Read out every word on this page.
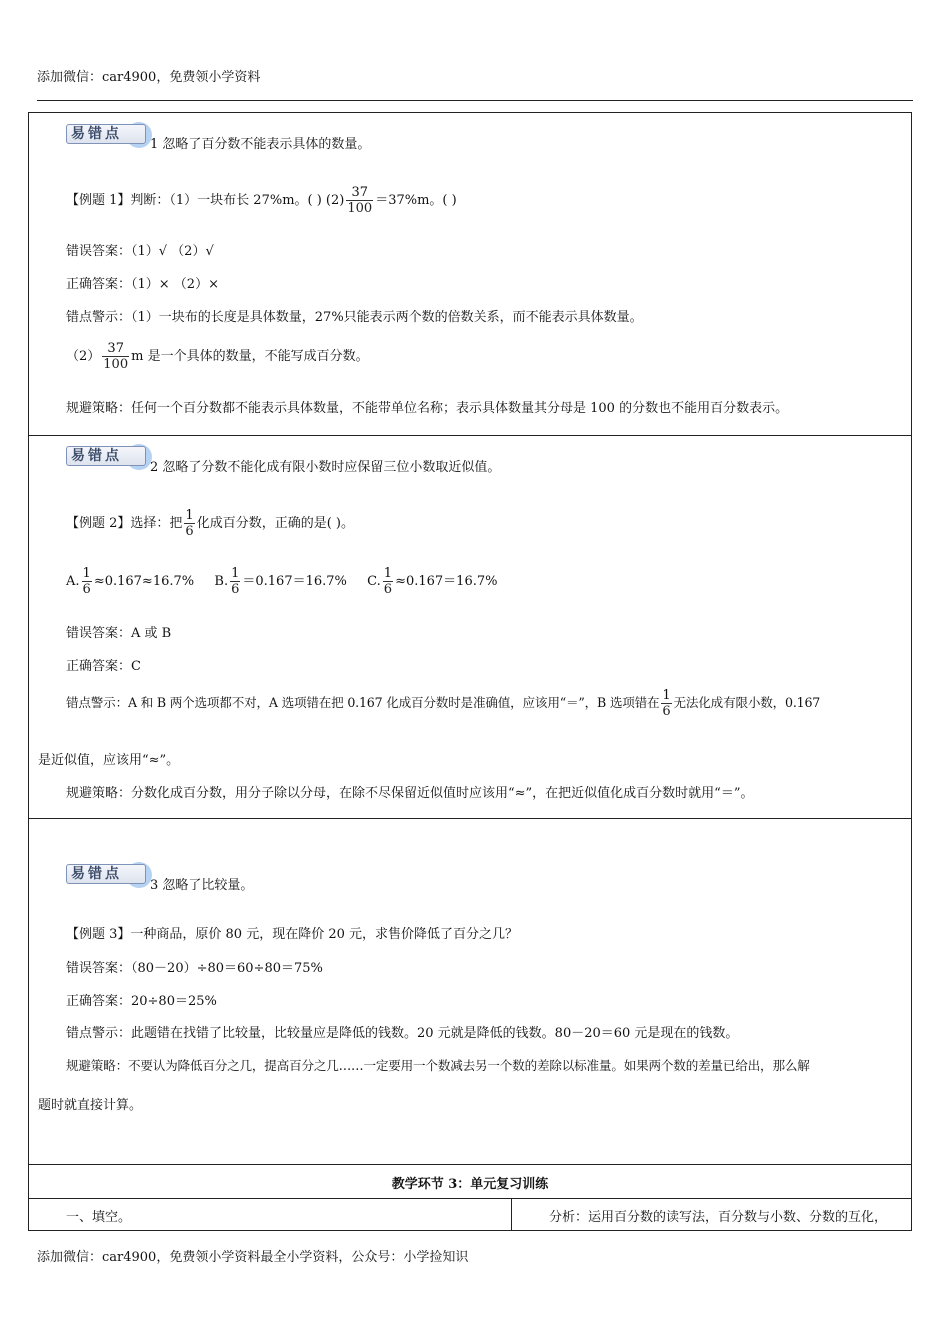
添加微信：car4900，免费领小学资料
易错点
1 忽略了百分数不能表示具体的数量。
【例题 1】判断：（1）一块布长 27%m。( ) $(2) \frac{37}{100} =37\%m$。( )
错误答案：（1）√ （2）√
正确答案：（1）× （2）×
错点警示：（1）一块布的长度是具体数量，27%只能表示两个数的倍数关系，而不能表示具体数量。
$(2) \frac{37}{100}$ m 是一个具体的数量，不能写成百分数。
规避策略：任何一个百分数都不能表示具体数量，不能带单位名称；表示具体数量其分母是 100 的分数也不能用百分数表示。
易错点
2 忽略了分数不能化成有限小数时应保留三位小数取近似值。
【例题 2】选择：把 $\frac{1}{6}$ 化成百分数，正确的是( )。
A. $\frac{1}{6} \approx 0.167\approx 16.7\%$ B. $\frac{1}{6} =0.167=16.7\%$ C. $\frac{1}{6} \approx 0.167=16.7\%$
错误答案：A 或 B
正确答案：C
错点警示：A 和 B 两个选项都不对，A 选项错在把 0.167 化成百分数时是准确值，应该用“＝”，B 选项错在 $\frac{1}{6}$ 无法化成有限小数，0.167
是近似值，应该用“≈”。
规避策略：分数化成百分数，用分子除以分母，在除不尽保留近似值时应该用“≈”，在把近似值化成百分数时就用“＝”。
易错点
3 忽略了比较量。
【例题 3】一种商品，原价 80 元，现在降价 20 元，求售价降低了百分之几？
错误答案：（80－20）÷80＝60÷80＝75%
正确答案：20÷80＝25%
错点警示：此题错在找错了比较量，比较量应是降低的钱数。20 元就是降低的钱数。80－20＝60 元是现在的钱数。
规避策略：不要认为降低百分之几，提高百分之几……一定要用一个数减去另一个数的差除以标准量。如果两个数的差量已给出，那么解
题时就直接计算。
教学环节 3：单元复习训练
一、填空。	分析：运用百分数的读写法，百分数与小数、分数的互化，
添加微信：car4900，免费领小学资料最全小学资料，公众号：小学捡知识
